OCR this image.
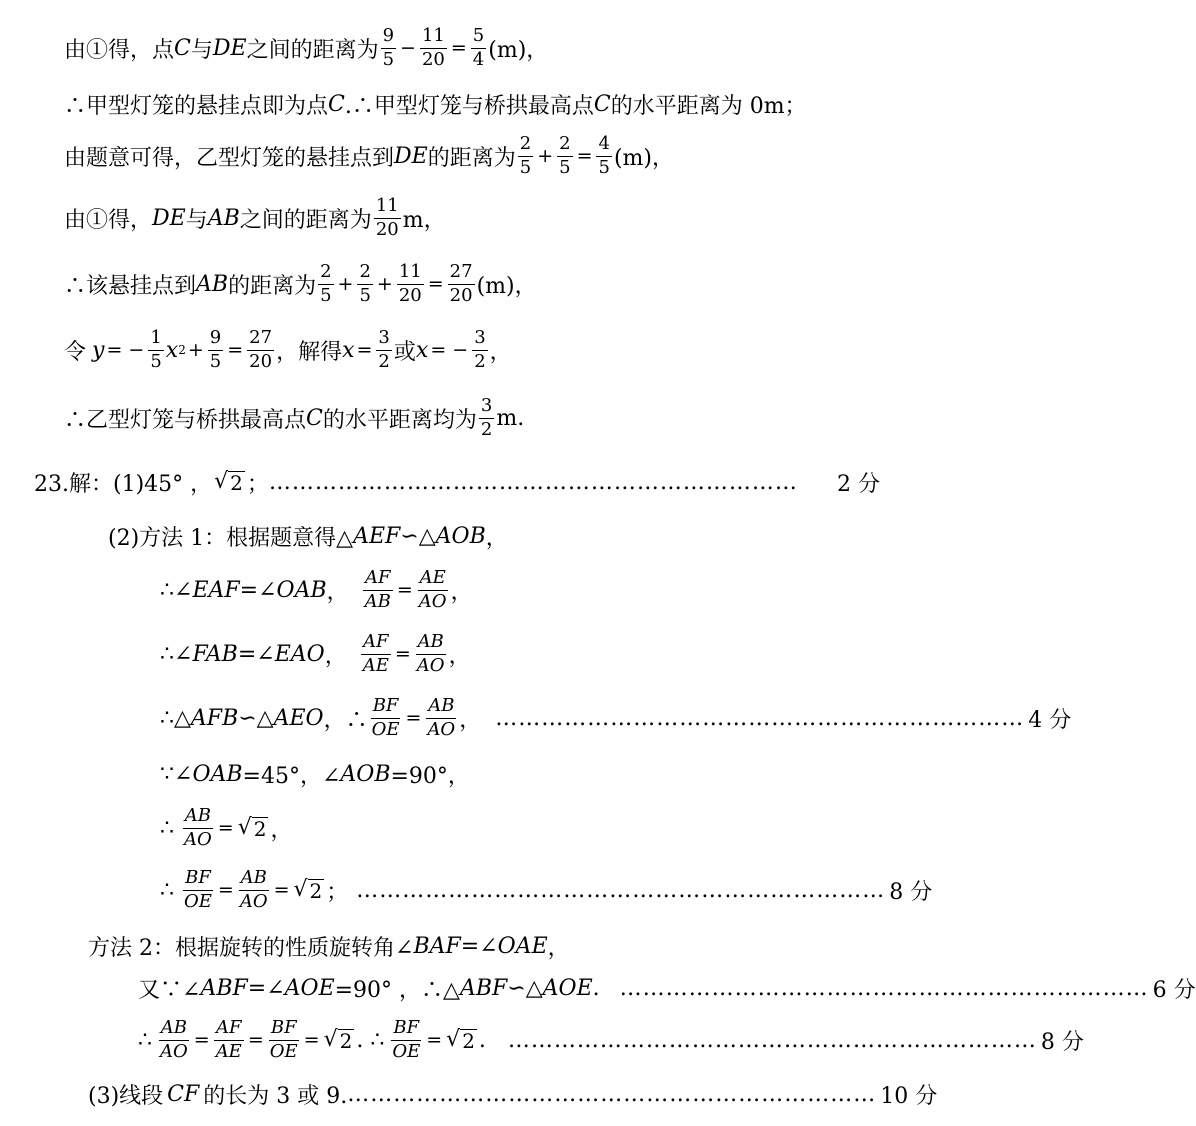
由①得，点 C 与 DE 之间的距离为
9
$5 - \frac{11}{20} = \frac{5}{4} (m)$，
∴甲型灯笼的悬挂点即为点 C .∴甲型灯笼与桥拱最高点 C 的水平距离为 0m；
由题意可得，乙型灯笼的悬挂点到 DE 的距离为
2
$5 + \frac{2}{5} = \frac{4}{5} (m)$，
由①得， DE 与 AB 之间的距离为
11
20 m，
∴该悬挂点到 AB 的距离为
2
$5 + \frac{2}{5} + \frac{11}{20} = \frac{27}{20} (m)$，
令 y = − $\frac{1}{5}$ x $2 + \frac{9}{5} = \frac{27}{20}$ ，解得 $x = \frac{3}{2}$ 或 x = − $\frac{3}{2}$ ，
∴乙型灯笼与桥拱最高点 C 的水平距离均为
3
2 m.
23.解：(1)45° ， √ 2 ； ……………………………………………………………	2 分
(2)方法 1：根据题意得△ AEF ∽△ AOB ，
∴∠ EAF =∠ OAB ， $\frac{AF}{AB} = \frac{AE}{AO}$ ，
∴∠ FAB =∠ EAO ， $\frac{AF}{AE} = \frac{AB}{AO}$ ，
∴△ AFB ∽△ AEO ，∴ $\frac{BF}{OE} = \frac{AB}{AO}$ ， …………………………………………………………… 4 分
∵∠ OAB =45°，∠ AOB =90°，
∴ $\frac{AB}{AO}$ = √ 2 ，
∴ $\frac{BF}{OE} = \frac{AB}{AO}$ = √ 2 ； …………………………………………………………… 8 分
方法 2：根据旋转的性质旋转角∠ BAF =∠ OAE ，
又∵∠ ABF =∠ AOE =90° ，∴△ ABF ∽△ AOE . …………………………………………………………… 6 分
∴ $\frac{AB}{AO} = \frac{AF}{AE} = \frac{BF}{OE}$ = √ 2 . ∴ $\frac{BF}{OE}$ = √ 2 . …………………………………………………………… 8 分
(3)线段 CF 的长为 3 或 9. …………………………………………………………… 10 分
